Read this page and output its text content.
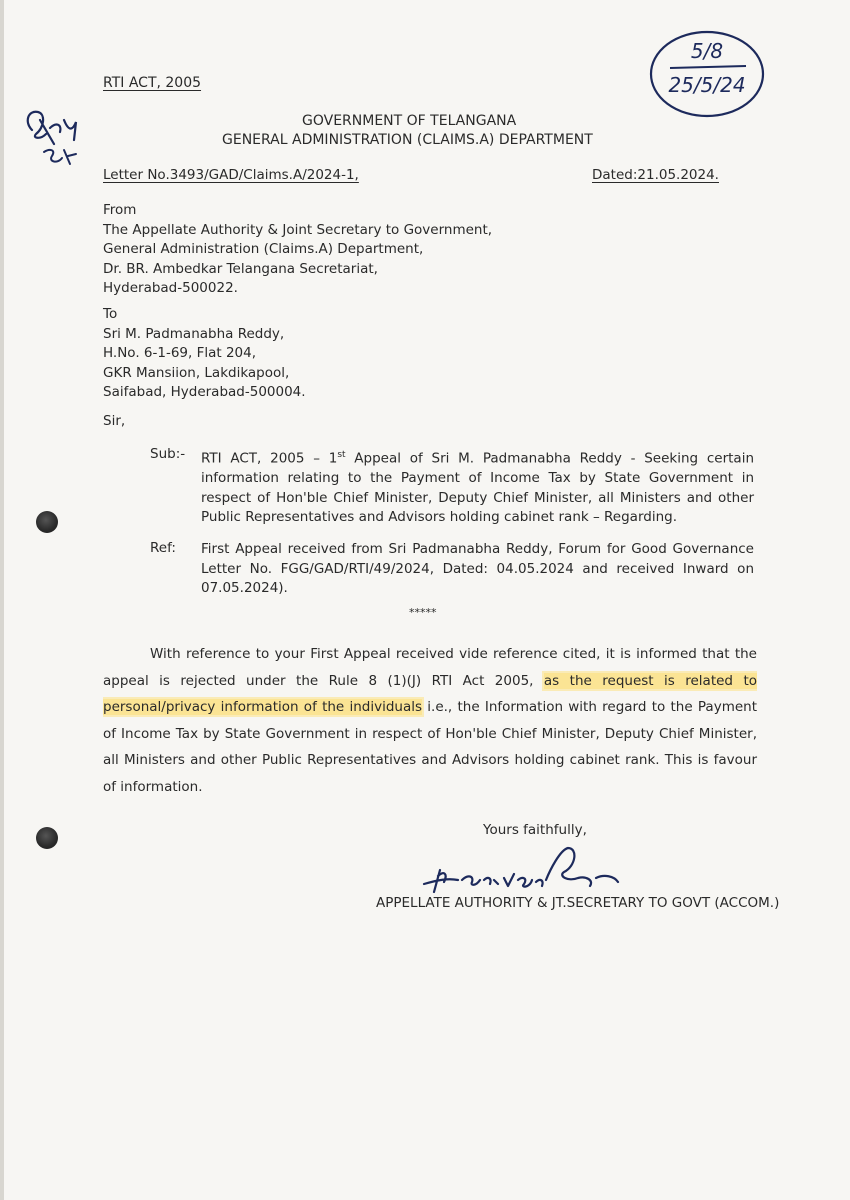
5/8
25/5/24
RTI ACT, 2005
GOVERNMENT OF TELANGANA
GENERAL ADMINISTRATION (CLAIMS.A) DEPARTMENT
Letter No.3493/GAD/Claims.A/2024-1,	Dated:21.05.2024.
From
The Appellate Authority & Joint Secretary to Government,
General Administration (Claims.A) Department,
Dr. BR. Ambedkar Telangana Secretariat,
Hyderabad-500022.
To
Sri M. Padmanabha Reddy,
H.No. 6-1-69, Flat 204,
GKR Mansiion, Lakdikapool,
Saifabad, Hyderabad-500004.
Sir,
Sub:- RTI ACT, 2005 – 1st Appeal of Sri M. Padmanabha Reddy - Seeking certain information relating to the Payment of Income Tax by State Government in respect of Hon'ble Chief Minister, Deputy Chief Minister, all Ministers and other Public Representatives and Advisors holding cabinet rank – Regarding.
Ref: First Appeal received from Sri Padmanabha Reddy, Forum for Good Governance Letter No. FGG/GAD/RTI/49/2024, Dated: 04.05.2024 and received Inward on 07.05.2024).
*****
With reference to your First Appeal received vide reference cited, it is informed that the appeal is rejected under the Rule 8 (1)(J) RTI Act 2005, as the request is related to personal/privacy information of the individuals i.e., the Information with regard to the Payment of Income Tax by State Government in respect of Hon'ble Chief Minister, Deputy Chief Minister, all Ministers and other Public Representatives and Advisors holding cabinet rank. This is favour of information.
Yours faithfully,
APPELLATE AUTHORITY & JT.SECRETARY TO GOVT (ACCOM.)
